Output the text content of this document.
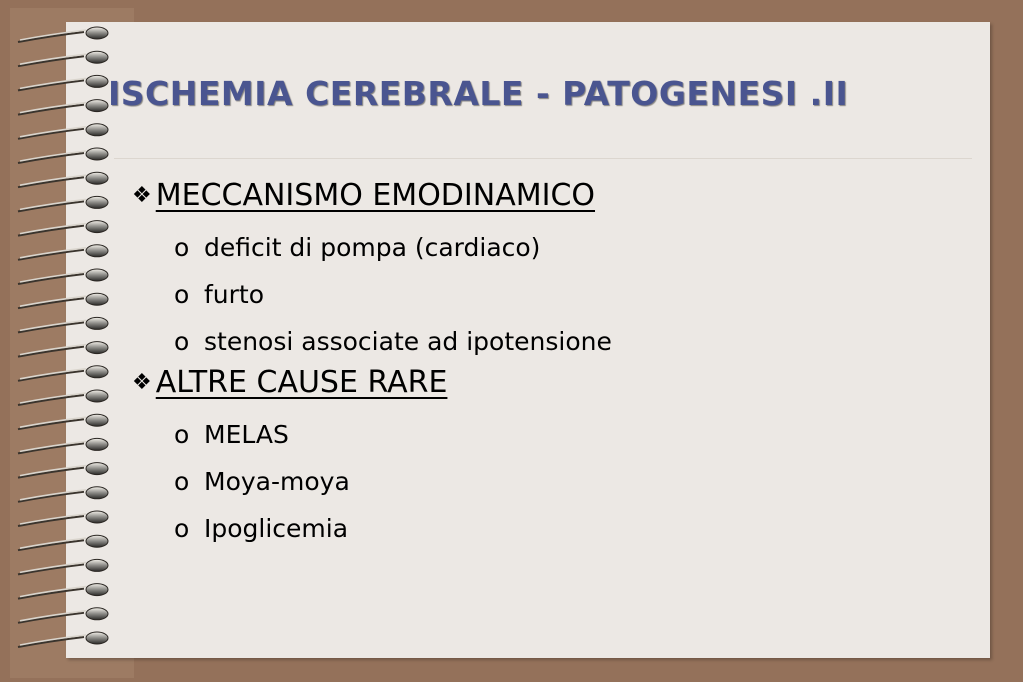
ISCHEMIA CEREBRALE - PATOGENESI .II

❖ MECCANISMO EMODINAMICO

o deficit di pompa (cardiaco)
o furto
o stenosi associate ad ipotensione

❖ ALTRE CAUSE RARE

o MELAS
o Moya-moya
o Ipoglicemia
